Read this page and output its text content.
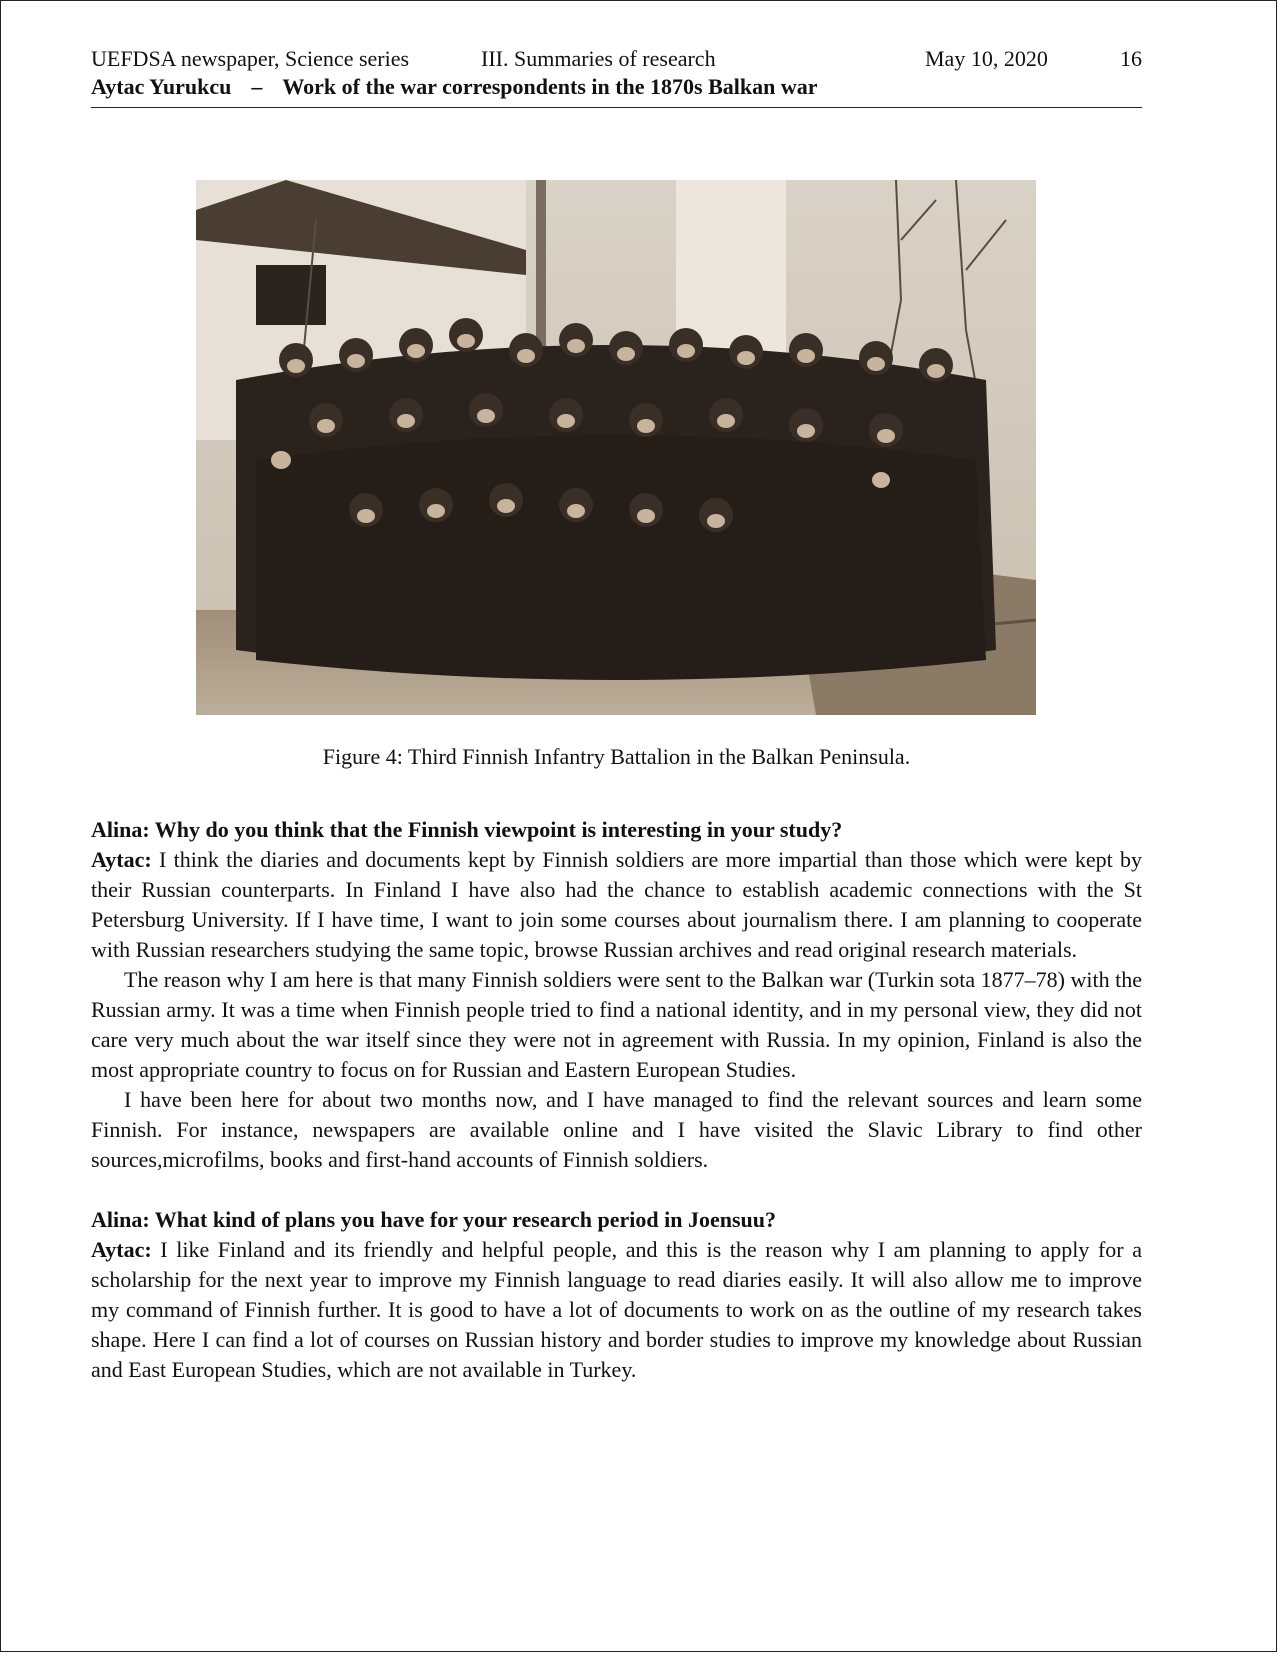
UEFDSA newspaper, Science series	III. Summaries of research	May 10, 2020	16
Aytac Yurukcu – Work of the war correspondents in the 1870s Balkan war
Figure 4: Third Finnish Infantry Battalion in the Balkan Peninsula.

Alina: Why do you think that the Finnish viewpoint is interesting in your study?

Aytac: I think the diaries and documents kept by Finnish soldiers are more impartial than those which were kept by their Russian counterparts. In Finland I have also had the chance to establish academic connections with the St Petersburg University. If I have time, I want to join some courses about journalism there. I am planning to cooperate with Russian researchers studying the same topic, browse Russian archives and read original research materials.

The reason why I am here is that many Finnish soldiers were sent to the Balkan war (Turkin sota 1877–78) with the Russian army. It was a time when Finnish people tried to find a national identity, and in my personal view, they did not care very much about the war itself since they were not in agreement with Russia. In my opinion, Finland is also the most appropriate country to focus on for Russian and Eastern European Studies.

I have been here for about two months now, and I have managed to find the relevant sources and learn some Finnish. For instance, newspapers are available online and I have visited the Slavic Library to find other sources,microfilms, books and first-hand accounts of Finnish soldiers.

Alina: What kind of plans you have for your research period in Joensuu?

Aytac: I like Finland and its friendly and helpful people, and this is the reason why I am planning to apply for a scholarship for the next year to improve my Finnish language to read diaries easily. It will also allow me to improve my command of Finnish further. It is good to have a lot of documents to work on as the outline of my research takes shape. Here I can find a lot of courses on Russian history and border studies to improve my knowledge about Russian and East European Studies, which are not available in Turkey.
